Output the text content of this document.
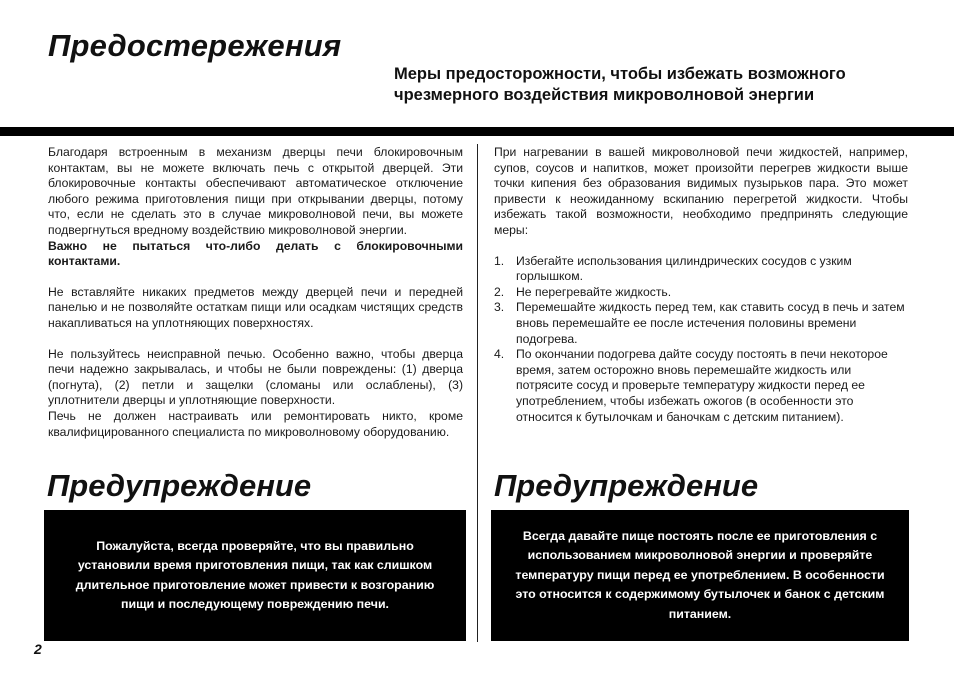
Предостережения
Меры предосторожности, чтобы избежать возможного
чрезмерного воздействия микроволновой энергии

Благодаря встроенным в механизм дверцы печи блокировочным контактам, вы не можете включать печь с открытой дверцей. Эти блокировочные контакты обеспечивают автоматическое отключение любого режима приготовления пищи при открывании дверцы, потому что, если не сделать это в случае микроволновой печи, вы можете подвергнуться вредному воздействию микроволновой энергии.

Важно не пытаться что-либо делать с блокировочными контактами.

Не вставляйте никаких предметов между дверцей печи и передней панелью и не позволяйте остаткам пищи или осадкам чистящих средств накапливаться на уплотняющих поверхностях.

Не пользуйтесь неисправной печью. Особенно важно, чтобы дверца печи надежно закрывалась, и чтобы не были повреждены: (1) дверца (погнута), (2) петли и защелки (сломаны или ослаблены), (3) уплотнители дверцы и уплотняющие поверхности.

Печь не должен настраивать или ремонтировать никто, кроме квалифицированного специалиста по микроволновому оборудованию.

При нагревании в вашей микроволновой печи жидкостей, например, супов, соусов и напитков, может произойти перегрев жидкости выше точки кипения без образования видимых пузырьков пара. Это может привести к неожиданному вскипанию перегретой жидкости. Чтобы избежать такой возможности, необходимо предпринять следующие меры:

1. Избегайте использования цилиндрических сосудов с узким горлышком.
2. Не перегревайте жидкость.
3. Перемешайте жидкость перед тем, как ставить сосуд в печь и затем вновь перемешайте ее после истечения половины времени подогрева.
4. По окончании подогрева дайте сосуду постоять в печи некоторое время, затем осторожно вновь перемешайте жидкость или потрясите сосуд и проверьте температуру жидкости перед ее употреблением, чтобы избежать ожогов (в особенности это относится к бутылочкам и баночкам с детским питанием).
Предупреждение	Предупреждение
Пожалуйста, всегда проверяйте, что вы правильно установили время приготовления пищи, так как слишком длительное приготовление может привести к возгоранию пищи и последующему повреждению печи.
Всегда давайте пище постоять после ее приготовления с использованием микроволновой энергии и проверяйте температуру пищи перед ее употреблением. В особенности это относится к содержимому бутылочек и банок с детским питанием.
2
